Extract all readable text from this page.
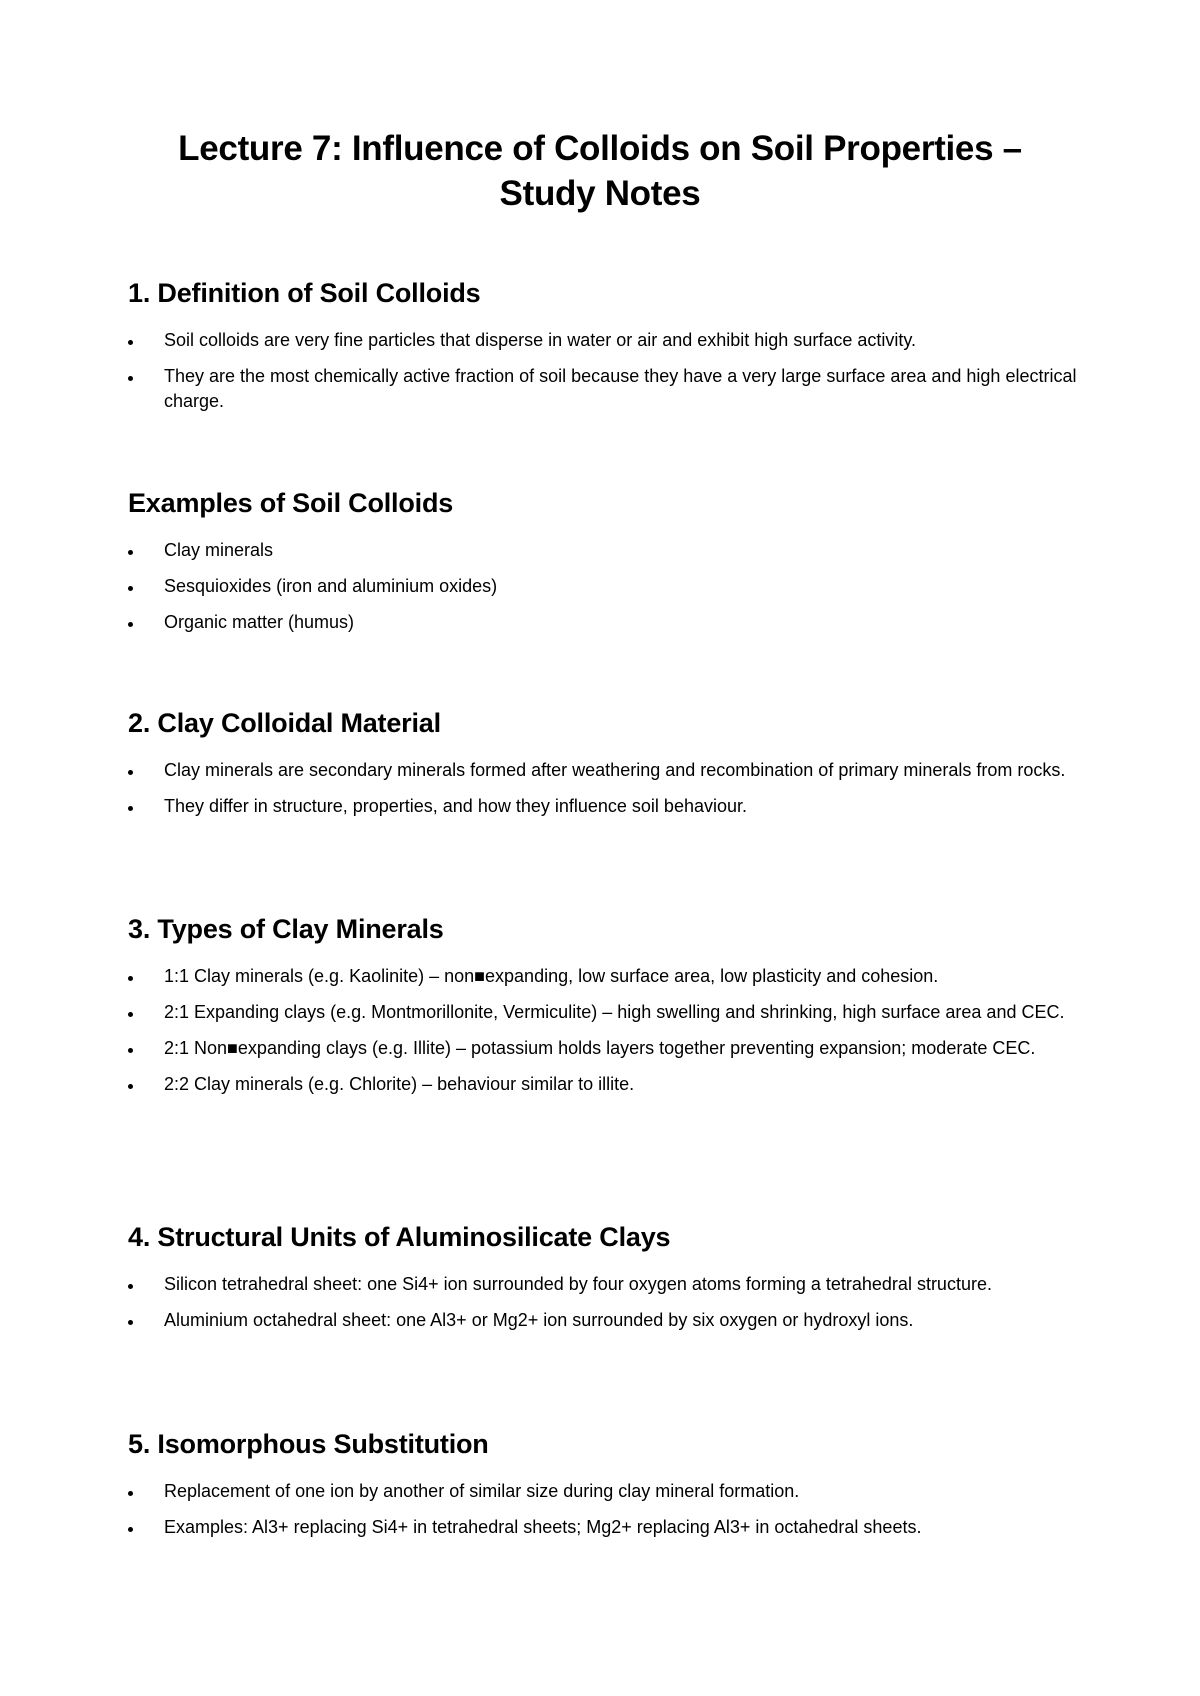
Lecture 7: Influence of Colloids on Soil Properties – Study Notes
1. Definition of Soil Colloids
Soil colloids are very fine particles that disperse in water or air and exhibit high surface activity.
They are the most chemically active fraction of soil because they have a very large surface area and high electrical charge.
Examples of Soil Colloids
Clay minerals
Sesquioxides (iron and aluminium oxides)
Organic matter (humus)
2. Clay Colloidal Material
Clay minerals are secondary minerals formed after weathering and recombination of primary minerals from rocks.
They differ in structure, properties, and how they influence soil behaviour.
3. Types of Clay Minerals
1:1 Clay minerals (e.g. Kaolinite) – non■expanding, low surface area, low plasticity and cohesion.
2:1 Expanding clays (e.g. Montmorillonite, Vermiculite) – high swelling and shrinking, high surface area and CEC.
2:1 Non■expanding clays (e.g. Illite) – potassium holds layers together preventing expansion; moderate CEC.
2:2 Clay minerals (e.g. Chlorite) – behaviour similar to illite.
4. Structural Units of Aluminosilicate Clays
Silicon tetrahedral sheet: one Si4+ ion surrounded by four oxygen atoms forming a tetrahedral structure.
Aluminium octahedral sheet: one Al3+ or Mg2+ ion surrounded by six oxygen or hydroxyl ions.
5. Isomorphous Substitution
Replacement of one ion by another of similar size during clay mineral formation.
Examples: Al3+ replacing Si4+ in tetrahedral sheets; Mg2+ replacing Al3+ in octahedral sheets.
